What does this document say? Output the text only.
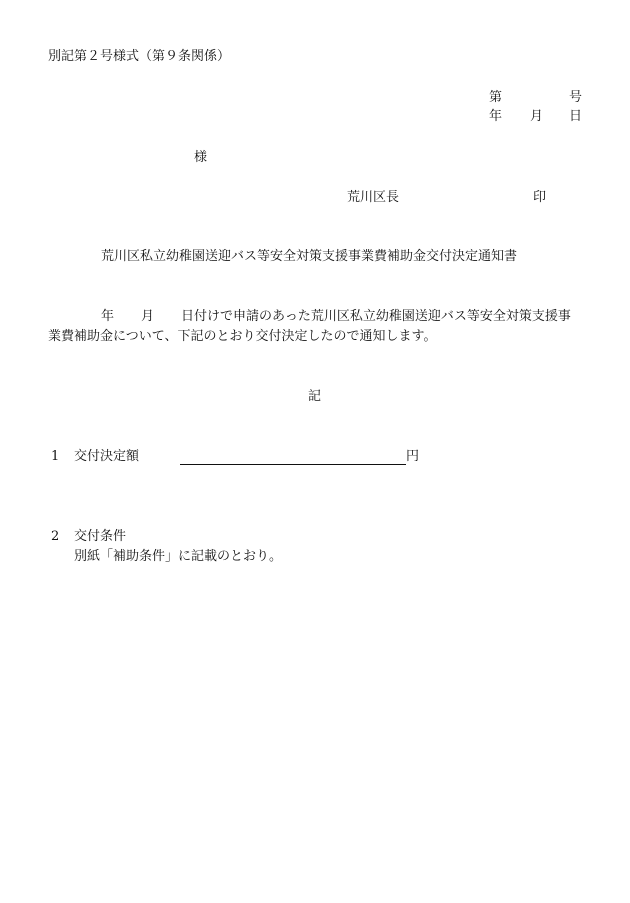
別記第２号様式（第９条関係）
第	号
年 月 日
様
荒川区長	印
荒川区私立幼稚園送迎バス等安全対策支援事業費補助金交付決定通知書
年 月 日付けで申請のあった荒川区私立幼稚園送迎バス等安全対策支援事
業費補助金について、下記のとおり交付決定したので通知します。
記
1 交付決定額	円
2 交付条件
別紙「補助条件」に記載のとおり。
